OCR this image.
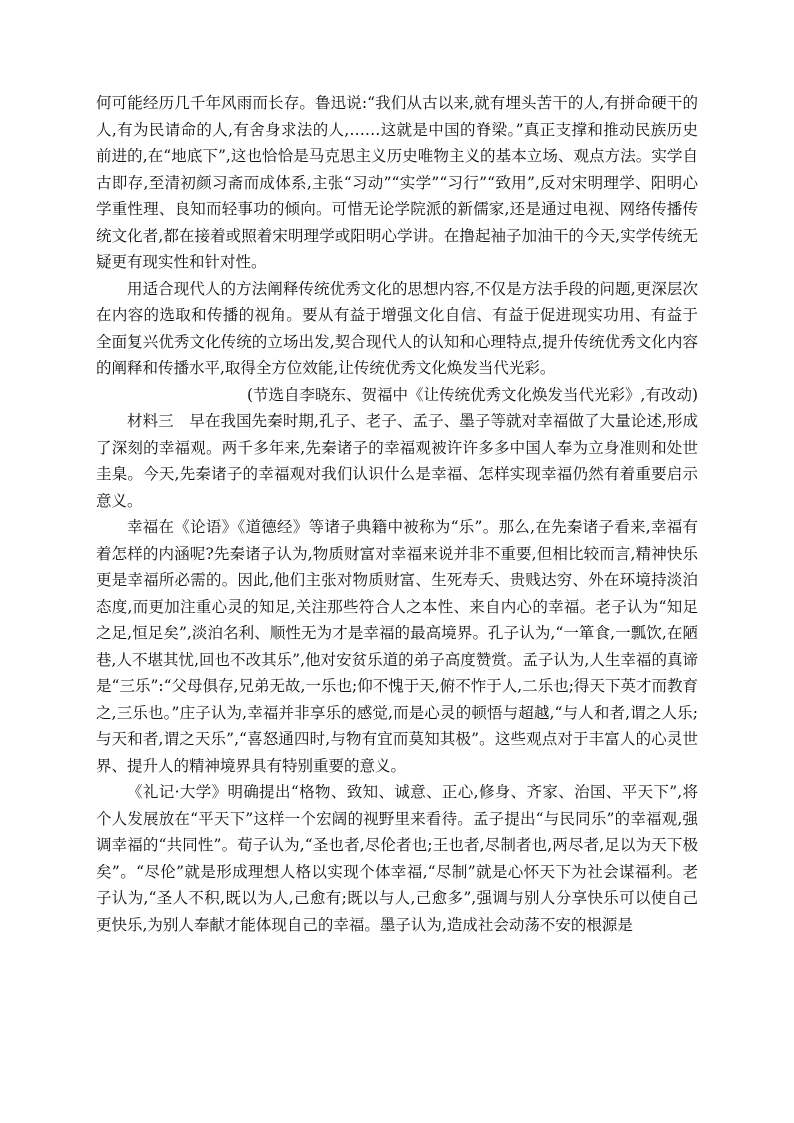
何可能经历几千年风雨而长存。鲁迅说:“我们从古以来,就有埋头苦干的人,有拼命硬干的人,有为民请命的人,有舍身求法的人,……这就是中国的脊梁。”真正支撑和推动民族历史前进的,在“地底下”,这也恰恰是马克思主义历史唯物主义的基本立场、观点方法。实学自古即存,至清初颜习斋而成体系,主张“习动”“实学”“习行”“致用”,反对宋明理学、阳明心学重性理、良知而轻事功的倾向。可惜无论学院派的新儒家,还是通过电视、网络传播传统文化者,都在接着或照着宋明理学或阳明心学讲。在撸起袖子加油干的今天,实学传统无疑更有现实性和针对性。

用适合现代人的方法阐释传统优秀文化的思想内容,不仅是方法手段的问题,更深层次在内容的选取和传播的视角。要从有益于增强文化自信、有益于促进现实功用、有益于全面复兴优秀文化传统的立场出发,契合现代人的认知和心理特点,提升传统优秀文化内容的阐释和传播水平,取得全方位效能,让传统优秀文化焕发当代光彩。

(节选自李晓东、贺福中《让传统优秀文化焕发当代光彩》,有改动)

材料三　早在我国先秦时期,孔子、老子、孟子、墨子等就对幸福做了大量论述,形成了深刻的幸福观。两千多年来,先秦诸子的幸福观被许许多多中国人奉为立身准则和处世圭臬。今天,先秦诸子的幸福观对我们认识什么是幸福、怎样实现幸福仍然有着重要启示意义。

幸福在《论语》《道德经》等诸子典籍中被称为“乐”。那么,在先秦诸子看来,幸福有着怎样的内涵呢?先秦诸子认为,物质财富对幸福来说并非不重要,但相比较而言,精神快乐更是幸福所必需的。因此,他们主张对物质财富、生死寿夭、贵贱达穷、外在环境持淡泊态度,而更加注重心灵的知足,关注那些符合人之本性、来自内心的幸福。老子认为“知足之足,恒足矣”,淡泊名利、顺性无为才是幸福的最高境界。孔子认为,“一箪食,一瓢饮,在陋巷,人不堪其忧,回也不改其乐”,他对安贫乐道的弟子高度赞赏。孟子认为,人生幸福的真谛是“三乐”:“父母俱存,兄弟无故,一乐也;仰不愧于天,俯不怍于人,二乐也;得天下英才而教育之,三乐也。”庄子认为,幸福并非享乐的感觉,而是心灵的顿悟与超越,“与人和者,谓之人乐;与天和者,谓之天乐”,“喜怒通四时,与物有宜而莫知其极”。这些观点对于丰富人的心灵世界、提升人的精神境界具有特别重要的意义。

《礼记·大学》明确提出“格物、致知、诚意、正心,修身、齐家、治国、平天下”,将个人发展放在“平天下”这样一个宏阔的视野里来看待。孟子提出“与民同乐”的幸福观,强调幸福的“共同性”。荀子认为,“圣也者,尽伦者也;王也者,尽制者也,两尽者,足以为天下极矣”。“尽伦”就是形成理想人格以实现个体幸福,“尽制”就是心怀天下为社会谋福利。老子认为,“圣人不积,既以为人,己愈有;既以与人,己愈多”,强调与别人分享快乐可以使自己更快乐,为别人奉献才能体现自己的幸福。墨子认为,造成社会动荡不安的根源是
